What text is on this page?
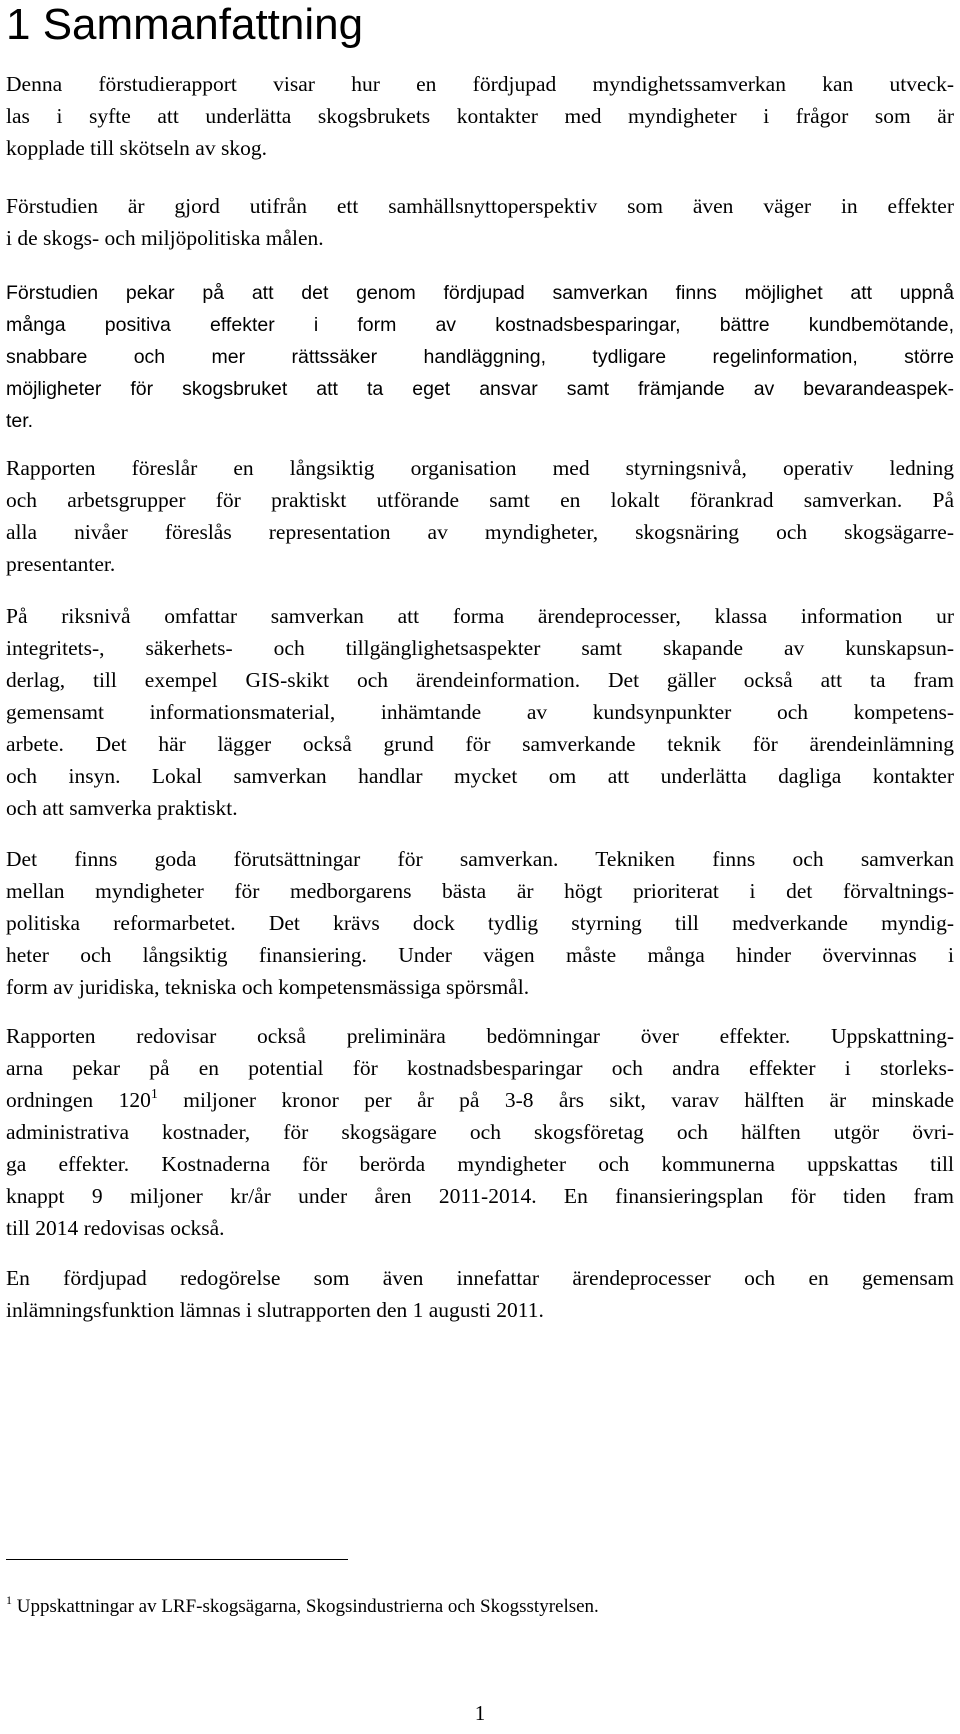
1 Sammanfattning

Denna förstudierapport visar hur en fördjupad myndighetssamverkan kan utveck-
las i syfte att underlätta skogsbrukets kontakter med myndigheter i frågor som är
kopplade till skötseln av skog.

Förstudien är gjord utifrån ett samhällsnyttoperspektiv som även väger in effekter
i de skogs- och miljöpolitiska målen.

Förstudien pekar på att det genom fördjupad samverkan finns möjlighet att uppnå
många positiva effekter i form av kostnadsbesparingar, bättre kundbemötande,
snabbare och mer rättssäker handläggning, tydligare regelinformation, större
möjligheter för skogsbruket att ta eget ansvar samt främjande av bevarandeaspek-
ter.

Rapporten föreslår en långsiktig organisation med styrningsnivå, operativ ledning
och arbetsgrupper för praktiskt utförande samt en lokalt förankrad samverkan. På
alla nivåer föreslås representation av myndigheter, skogsnäring och skogsägarre-
presentanter.

På riksnivå omfattar samverkan att forma ärendeprocesser, klassa information ur
integritets-, säkerhets- och tillgänglighetsaspekter samt skapande av kunskapsun-
derlag, till exempel GIS-skikt och ärendeinformation. Det gäller också att ta fram
gemensamt informationsmaterial, inhämtande av kundsynpunkter och kompetens-
arbete. Det här lägger också grund för samverkande teknik för ärendeinlämning
och insyn. Lokal samverkan handlar mycket om att underlätta dagliga kontakter
och att samverka praktiskt.

Det finns goda förutsättningar för samverkan. Tekniken finns och samverkan
mellan myndigheter för medborgarens bästa är högt prioriterat i det förvaltnings-
politiska reformarbetet. Det krävs dock tydlig styrning till medverkande myndig-
heter och långsiktig finansiering. Under vägen måste många hinder övervinnas i
form av juridiska, tekniska och kompetensmässiga spörsmål.

Rapporten redovisar också preliminära bedömningar över effekter. Uppskattning-
arna pekar på en potential för kostnadsbesparingar och andra effekter i storleks-
ordningen $120^1$ miljoner kronor per år på 3-8 års sikt, varav hälften är minskade
administrativa kostnader, för skogsägare och skogsföretag och hälften utgör övri-
ga effekter. Kostnaderna för berörda myndigheter och kommunerna uppskattas till
knappt 9 miljoner kr/år under åren 2011-2014. En finansieringsplan för tiden fram
till 2014 redovisas också.

En fördjupad redogörelse som även innefattar ärendeprocesser och en gemensam
inlämningsfunktion lämnas i slutrapporten den 1 augusti 2011.

$^1$ Uppskattningar av LRF-skogsägarna, Skogsindustrierna och Skogsstyrelsen.

1
